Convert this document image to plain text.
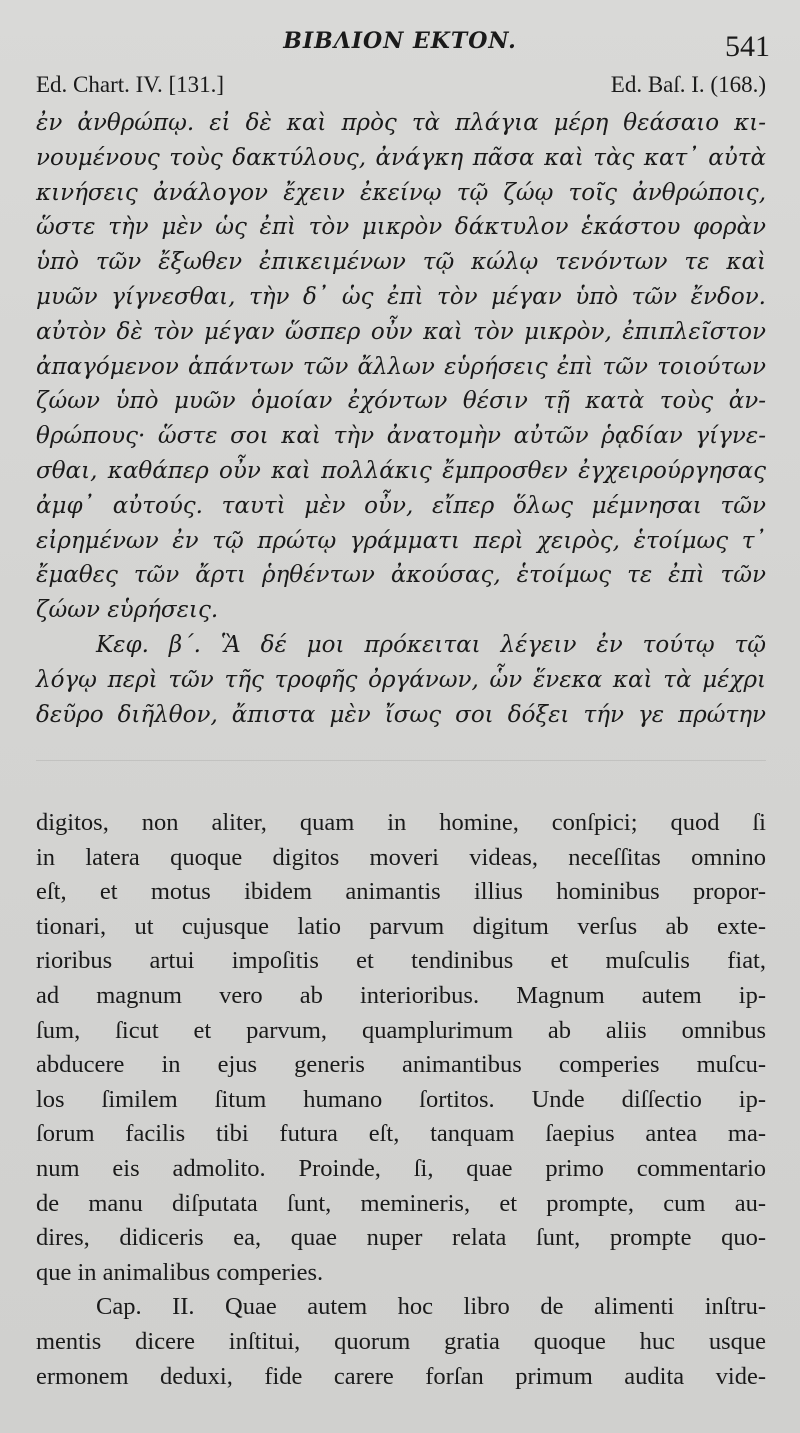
BIBΛΙΟΝ EKTON.	541
Ed. Chart. IV. [131.]	Ed. Baſ. I. (168.)
ἐν ἀνθρώπῳ. εἰ δὲ καὶ πρὸς τὰ πλάγια μέρη θεάσαιο κι-
νουμένους τοὺς δακτύλους, ἀνάγκη πᾶσα καὶ τὰς κατ᾽ αὐτὰ
κινήσεις ἀνάλογον ἔχειν ἐκείνῳ τῷ ζώῳ τοῖς ἀνθρώποις,
ὥστε τὴν μὲν ὡς ἐπὶ τὸν μικρὸν δάκτυλον ἑκάστου φορὰν
ὑπὸ τῶν ἔξωθεν ἐπικειμένων τῷ κώλῳ τενόντων τε καὶ
μυῶν γίγνεσθαι, τὴν δ᾽ ὡς ἐπὶ τὸν μέγαν ὑπὸ τῶν ἔνδον.
αὐτὸν δὲ τὸν μέγαν ὥσπερ οὖν καὶ τὸν μικρὸν, ἐπιπλεῖστον
ἀπαγόμενον ἁπάντων τῶν ἄλλων εὑρήσεις ἐπὶ τῶν τοιούτων
ζώων ὑπὸ μυῶν ὁμοίαν ἐχόντων θέσιν τῇ κατὰ τοὺς ἀν-
θρώπους· ὥστε σοι καὶ τὴν ἀνατομὴν αὐτῶν ῥᾳδίαν γίγνε-
σθαι, καθάπερ οὖν καὶ πολλάκις ἔμπροσθεν ἐγχειρούργησας
ἀμφ᾽ αὐτούς. ταυτὶ μὲν οὖν, εἴπερ ὅλως μέμνησαι τῶν
εἰρημένων ἐν τῷ πρώτῳ γράμματι περὶ χειρὸς, ἑτοίμως τ᾽
ἔμαθες τῶν ἄρτι ῥηθέντων ἀκούσας, ἑτοίμως τε ἐπὶ τῶν
ζώων εὑρήσεις.
Κεφ. β΄. Ἃ δέ μοι πρόκειται λέγειν ἐν τούτῳ τῷ
λόγῳ περὶ τῶν τῆς τροφῆς ὀργάνων, ὧν ἕνεκα καὶ τὰ μέχρι
δεῦρο διῆλθον, ἄπιστα μὲν ἴσως σοι δόξει τήν γε πρώτην
digitos, non aliter, quam in homine, conſpici; quod ſi
in latera quoque digitos moveri videas, neceſſitas omnino
eſt, et motus ibidem animantis illius hominibus propor-
tionari, ut cujusque latio parvum digitum verſus ab exte-
rioribus artui impoſitis et tendinibus et muſculis fiat,
ad magnum vero ab interioribus. Magnum autem ip-
ſum, ſicut et parvum, quamplurimum ab aliis omnibus
abducere in ejus generis animantibus comperies muſcu-
los ſimilem ſitum humano ſortitos. Unde diſſectio ip-
ſorum facilis tibi futura eſt, tanquam ſaepius antea ma-
num eis admolito. Proinde, ſi, quae primo commentario
de manu diſputata ſunt, memineris, et prompte, cum au-
dires, didiceris ea, quae nuper relata ſunt, prompte quo-
que in animalibus comperies.
Cap. II. Quae autem hoc libro de alimenti inſtru-
mentis dicere inſtitui, quorum gratia quoque huc usque
ermonem deduxi, fide carere forſan primum audita vide-
